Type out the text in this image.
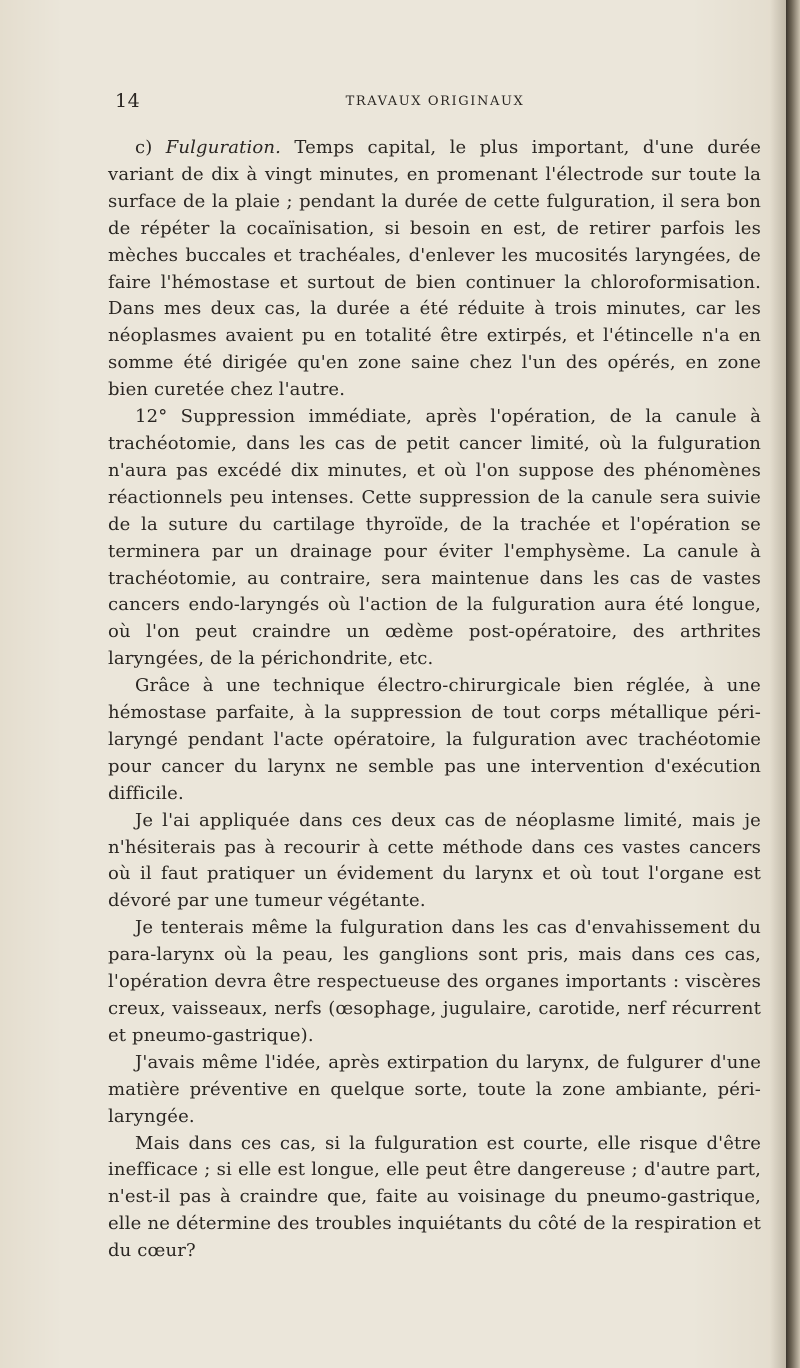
14	TRAVAUX ORIGINAUX

c) Fulguration. Temps capital, le plus important, d'une durée variant de dix à vingt minutes, en promenant l'électrode sur toute la surface de la plaie ; pendant la durée de cette fulguration, il sera bon de répéter la cocaïnisation, si besoin en est, de retirer parfois les mèches buccales et trachéales, d'enlever les mucosités laryngées, de faire l'hémostase et surtout de bien continuer la chloroformisation. Dans mes deux cas, la durée a été réduite à trois minutes, car les néoplasmes avaient pu en totalité être extirpés, et l'étincelle n'a en somme été dirigée qu'en zone saine chez l'un des opérés, en zone bien curetée chez l'autre.

12° Suppression immédiate, après l'opération, de la canule à trachéotomie, dans les cas de petit cancer limité, où la fulguration n'aura pas excédé dix minutes, et où l'on suppose des phénomènes réactionnels peu intenses. Cette suppression de la canule sera suivie de la suture du cartilage thyroïde, de la trachée et l'opération se terminera par un drainage pour éviter l'emphysème. La canule à trachéotomie, au contraire, sera maintenue dans les cas de vastes cancers endo-laryngés où l'action de la fulguration aura été longue, où l'on peut craindre un œdème post-opératoire, des arthrites laryngées, de la périchondrite, etc.

Grâce à une technique électro-chirurgicale bien réglée, à une hémostase parfaite, à la suppression de tout corps métallique péri-laryngé pendant l'acte opératoire, la fulguration avec trachéotomie pour cancer du larynx ne semble pas une intervention d'exécution difficile.

Je l'ai appliquée dans ces deux cas de néoplasme limité, mais je n'hésiterais pas à recourir à cette méthode dans ces vastes cancers où il faut pratiquer un évidement du larynx et où tout l'organe est dévoré par une tumeur végétante.

Je tenterais même la fulguration dans les cas d'envahissement du para-larynx où la peau, les ganglions sont pris, mais dans ces cas, l'opération devra être respectueuse des organes importants : viscères creux, vaisseaux, nerfs (œsophage, jugulaire, carotide, nerf récurrent et pneumo-gastrique).

J'avais même l'idée, après extirpation du larynx, de fulgurer d'une matière préventive en quelque sorte, toute la zone ambiante, péri-laryngée.

Mais dans ces cas, si la fulguration est courte, elle risque d'être inefficace ; si elle est longue, elle peut être dangereuse ; d'autre part, n'est-il pas à craindre que, faite au voisinage du pneumo-gastrique, elle ne détermine des troubles inquiétants du côté de la respiration et du cœur?
